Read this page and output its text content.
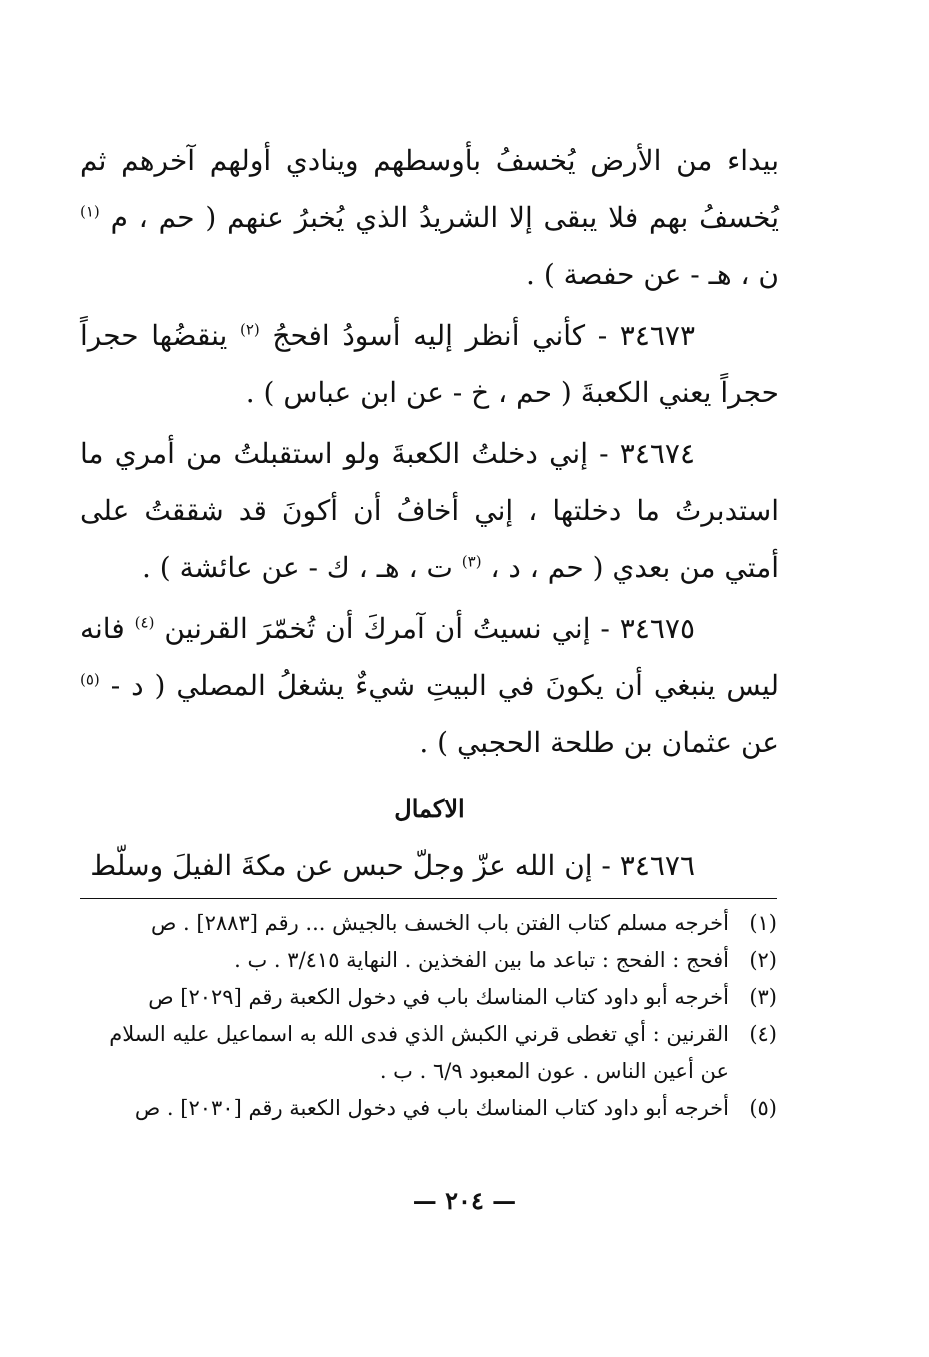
بيداء من الأرض يُخسفُ بأوسطهم وينادي أولهم آخرهم ثم يُخسفُ بهم فلا يبقى إلا الشريدُ الذي يُخبرُ عنهم ( حم ، م $^{(١)}$ ن ، هـ - عن حفصة ) .

٣٤٦٧٣ - كأني أنظر إليه أسودُ افحجُ $^{(٢)}$ ينقضُها حجراً حجراً يعني الكعبةَ ( حم ، خ - عن ابن عباس ) .

٣٤٦٧٤ - إني دخلتُ الكعبةَ ولو استقبلتُ من أمري ما استدبرتُ ما دخلتها ، إني أخافُ أن أكونَ قد شققتُ على أمتي من بعدي ( حم ، د ، $^{(٣)}$ ت ، هـ ، ك - عن عائشة ) .

٣٤٦٧٥ - إني نسيتُ أن آمركَ أن تُخمّرَ القرنين $^{(٤)}$ فانه ليس ينبغي أن يكونَ في البيتِ شيءٌ يشغلُ المصلي ( د - $^{(٥)}$ عن عثمان بن طلحة الحجبي ) .

الاكمال

٣٤٦٧٦ - إن الله عزّ وجلّ حبس عن مكةَ الفيلَ وسلّط

(١)
أخرجه مسلم كتاب الفتن باب الخسف بالجيش ... رقم [٢٨٨٣] . ص
(٢)
أفحج : الفحج : تباعد ما بين الفخذين . النهاية ٣/٤١٥ . ب .
(٣)
أخرجه أبو داود كتاب المناسك باب في دخول الكعبة رقم [٢٠٢٩] ص
(٤)
القرنين : أي تغطى قرني الكبش الذي فدى الله به اسماعيل عليه السلام عن أعين الناس . عون المعبود ٦/٩ . ب .
(٥)
أخرجه أبو داود كتاب المناسك باب في دخول الكعبة رقم [٢٠٣٠] . ص
— ٢٠٤ —
